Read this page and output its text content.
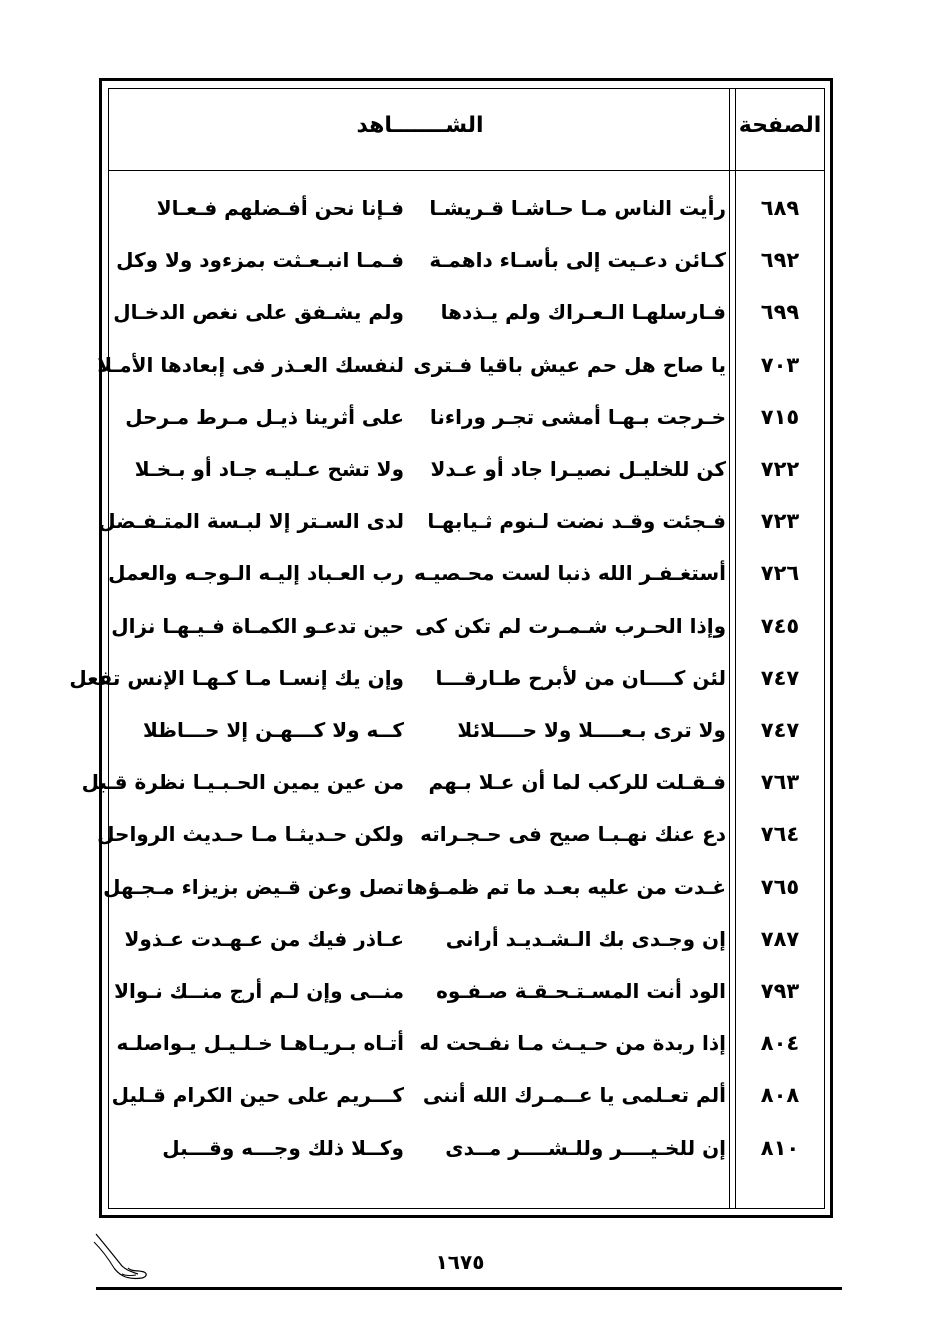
الصفحة
الشـــــــاهد
٦٨٩
رأيت الناس مـا حـاشـا قـريشـا
فـإنا نحن أفـضلهم فـعـالا
٦٩٢
كـائن دعـيت إلى بأسـاء داهمـة
فـمـا انبـعـثت بمزءود ولا وكل
٦٩٩
فـارسلهـا الـعـراك ولم يـذدها
ولم يشـفق على نغص الدخـال
٧٠٣
يا صاح هل حم عيش باقيا فـترى
لنفسك العـذر فى إبعادها الأمـلا
٧١٥
خـرجت بـهـا أمشى تجـر وراءنا
على أثرينا ذيـل مـرط مـرحل
٧٢٢
كن للخليـل نصيـرا جاد أو عـدلا
ولا تشح عـليـه جـاد أو بـخـلا
٧٢٣
فـجئت وقـد نضت لـنوم ثـيابهـا
لدى السـتر إلا لبـسة المتـفـضل
٧٢٦
أستغـفـر الله ذنبا لست محـصيـه
رب العـباد إليـه الـوجـه والعمل
٧٤٥
وإذا الحـرب شـمـرت لم تكن كى
حين تدعـو الكمـاة فـيـهـا نزال
٧٤٧
لئن كــــان من لأبرح طـارقـــا
وإن يك إنسـا مـا كـهـا الإنس تفعل
٧٤٧
ولا ترى بـعــــلا ولا حــــلائلا
كــه ولا كـــهـن إلا حـــاظلا
٧٦٣
فـقـلت للركب لما أن عـلا بـهم
من عين يمين الحـبـيـا نظرة قـبل
٧٦٤
دع عنك نهـبـا صيح فى حـجـراته
ولكن حـديثـا مـا حـديث الرواحل
٧٦٥
غـدت من عليه بعـد ما تم ظمـؤها
تصل وعن قـيض بزيزاء مـجـهل
٧٨٧
إن وجـدى بك الـشـديـد أرانى
عـاذر فيك من عـهـدت عـذولا
٧٩٣
الود أنت المسـتـحـقـة صـفـوه
منــى وإن لـم أرج منــك نـوالا
٨٠٤
إذا ربدة من حـيـث مـا نفـحت له
أتـاه بـريـاهـا خـلـيـل يـواصلـه
٨٠٨
ألم تعـلمى يا عــمـرك الله أننى
كـــريم على حين الكرام قـليل
٨١٠
إن للخـيــــر وللـشــــر مــدى
وكــلا ذلك وجـــه وقـــبل
١٦٧٥
